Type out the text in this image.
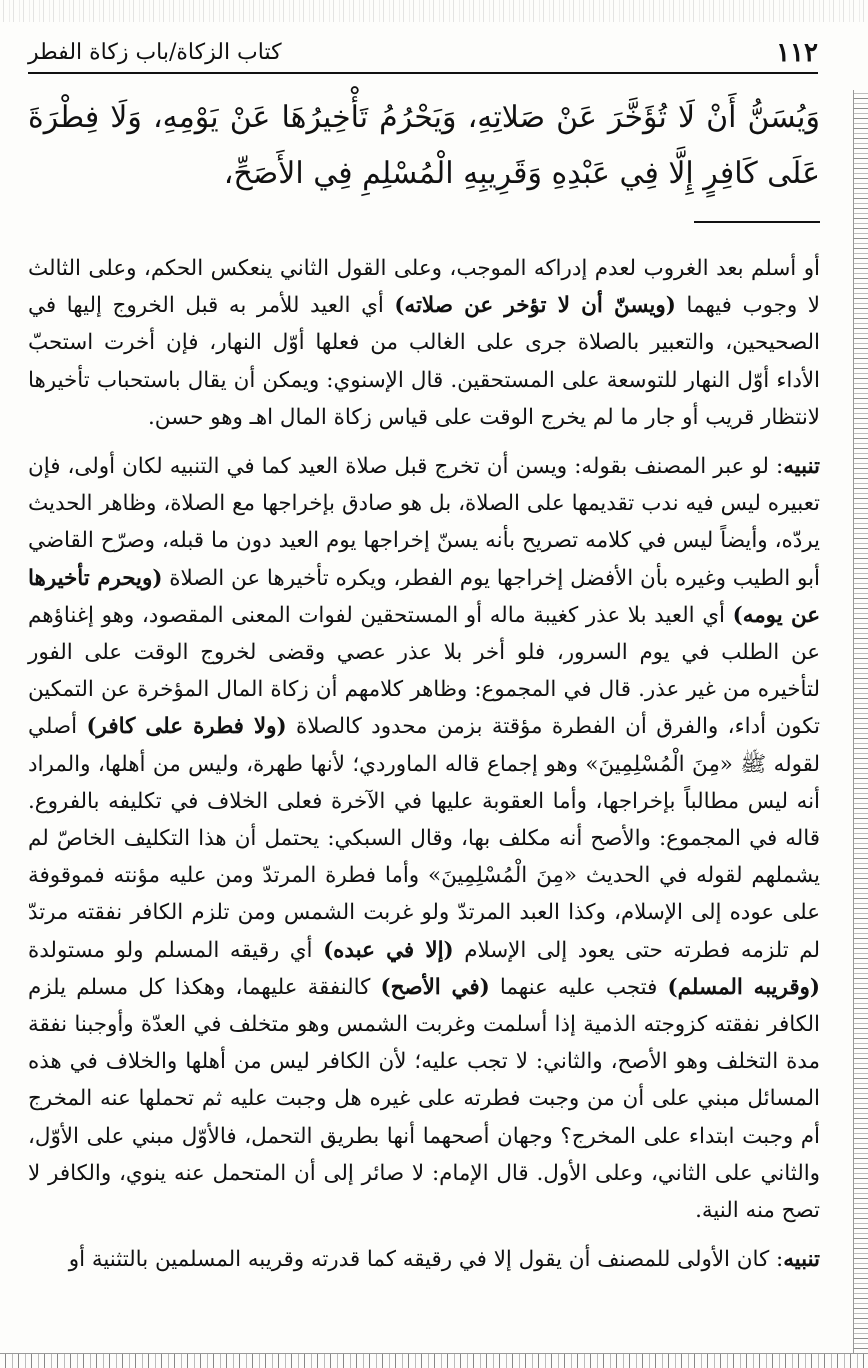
١١٢
كتاب الزكاة/باب زكاة الفطر
وَيُسَنُّ أَنْ لَا تُؤَخَّرَ عَنْ صَلاتِهِ، وَيَحْرُمُ تَأْخِيرُهَا عَنْ يَوْمِهِ، وَلَا فِطْرَةَ عَلَى كَافِرٍ إِلَّا فِي عَبْدِهِ وَقَرِيبِهِ الْمُسْلِمِ فِي الأَصَحِّ،

أو أسلم بعد الغروب لعدم إدراكه الموجب، وعلى القول الثاني ينعكس الحكم، وعلى الثالث لا وجوب فيهما (ويسنّ أن لا تؤخر عن صلاته) أي العيد للأمر به قبل الخروج إليها في الصحيحين، والتعبير بالصلاة جرى على الغالب من فعلها أوّل النهار، فإن أخرت استحبّ الأداء أوّل النهار للتوسعة على المستحقين. قال الإسنوي: ويمكن أن يقال باستحباب تأخيرها لانتظار قريب أو جار ما لم يخرج الوقت على قياس زكاة المال اهـ وهو حسن.

تنبيه: لو عبر المصنف بقوله: ويسن أن تخرج قبل صلاة العيد كما في التنبيه لكان أولى، فإن تعبيره ليس فيه ندب تقديمها على الصلاة، بل هو صادق بإخراجها مع الصلاة، وظاهر الحديث يردّه، وأيضاً ليس في كلامه تصريح بأنه يسنّ إخراجها يوم العيد دون ما قبله، وصرّح القاضي أبو الطيب وغيره بأن الأفضل إخراجها يوم الفطر، ويكره تأخيرها عن الصلاة (ويحرم تأخيرها عن يومه) أي العيد بلا عذر كغيبة ماله أو المستحقين لفوات المعنى المقصود، وهو إغناؤهم عن الطلب في يوم السرور، فلو أخر بلا عذر عصي وقضى لخروج الوقت على الفور لتأخيره من غير عذر. قال في المجموع: وظاهر كلامهم أن زكاة المال المؤخرة عن التمكين تكون أداء، والفرق أن الفطرة مؤقتة بزمن محدود كالصلاة (ولا فطرة على كافر) أصلي لقوله ﷺ «مِنَ الْمُسْلِمِينَ» وهو إجماع قاله الماوردي؛ لأنها طهرة، وليس من أهلها، والمراد أنه ليس مطالباً بإخراجها، وأما العقوبة عليها في الآخرة فعلى الخلاف في تكليفه بالفروع. قاله في المجموع: والأصح أنه مكلف بها، وقال السبكي: يحتمل أن هذا التكليف الخاصّ لم يشملهم لقوله في الحديث «مِنَ الْمُسْلِمِينَ» وأما فطرة المرتدّ ومن عليه مؤنته فموقوفة على عوده إلى الإسلام، وكذا العبد المرتدّ ولو غربت الشمس ومن تلزم الكافر نفقته مرتدّ لم تلزمه فطرته حتى يعود إلى الإسلام (إلا في عبده) أي رقيقه المسلم ولو مستولدة (وقريبه المسلم) فتجب عليه عنهما (في الأصح) كالنفقة عليهما، وهكذا كل مسلم يلزم الكافر نفقته كزوجته الذمية إذا أسلمت وغربت الشمس وهو متخلف في العدّة وأوجبنا نفقة مدة التخلف وهو الأصح، والثاني: لا تجب عليه؛ لأن الكافر ليس من أهلها والخلاف في هذه المسائل مبني على أن من وجبت فطرته على غيره هل وجبت عليه ثم تحملها عنه المخرج أم وجبت ابتداء على المخرج؟ وجهان أصحهما أنها بطريق التحمل، فالأوّل مبني على الأوّل، والثاني على الثاني، وعلى الأول. قال الإمام: لا صائر إلى أن المتحمل عنه ينوي، والكافر لا تصح منه النية.

تنبيه: كان الأولى للمصنف أن يقول إلا في رقيقه كما قدرته وقريبه المسلمين بالتثنية أو
